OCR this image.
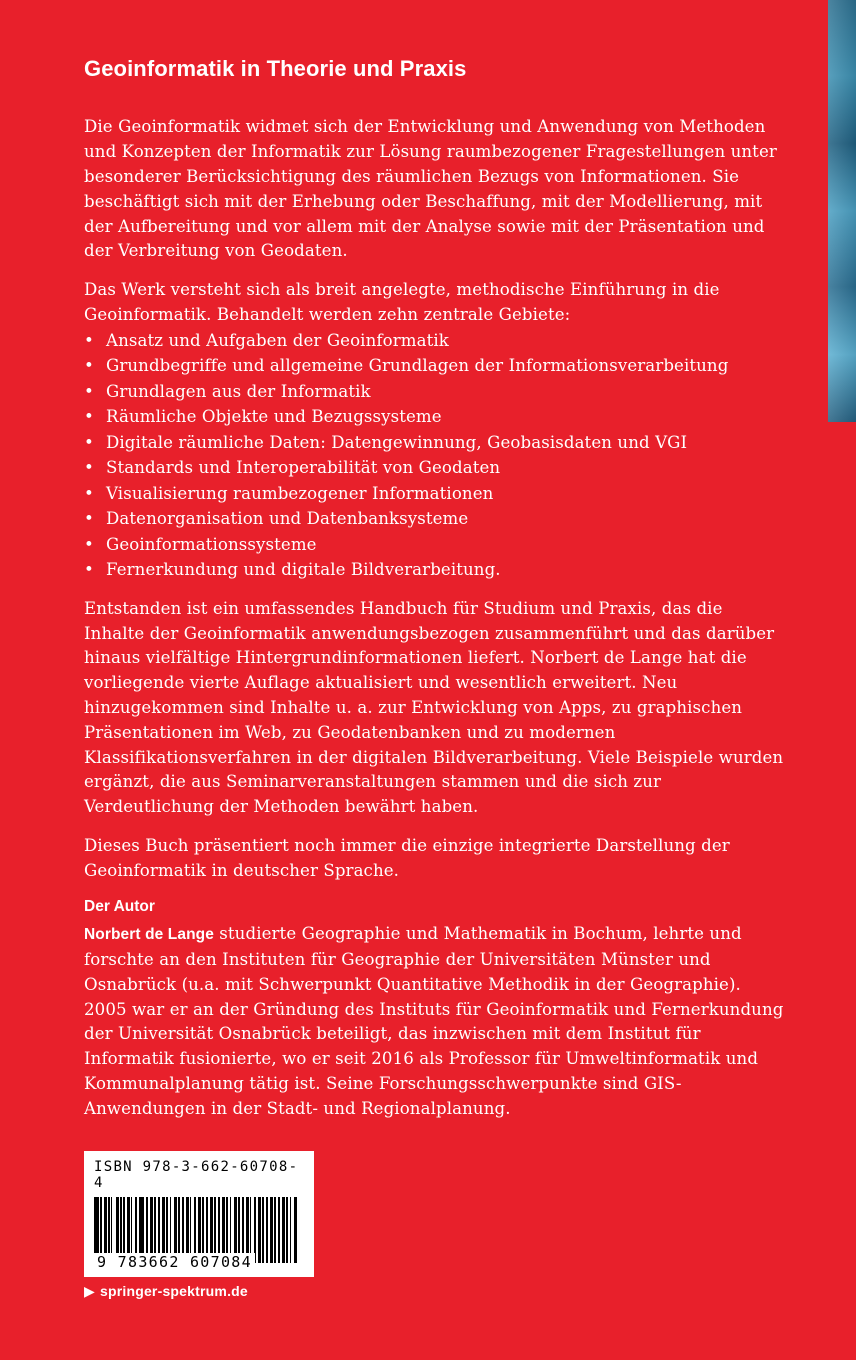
Geoinformatik in Theorie und Praxis

Die Geoinformatik widmet sich der Entwicklung und Anwendung von Methoden und Konzepten der Informatik zur Lösung raumbezogener Fragestellungen unter besonderer Berücksichtigung des räumlichen Bezugs von Informationen. Sie beschäftigt sich mit der Erhebung oder Beschaffung, mit der Modellierung, mit der Aufbereitung und vor allem mit der Analyse sowie mit der Präsentation und der Verbreitung von Geodaten.

Das Werk versteht sich als breit angelegte, methodische Einführung in die Geoinformatik. Behandelt werden zehn zentrale Gebiete:

• Ansatz und Aufgaben der Geoinformatik
• Grundbegriffe und allgemeine Grundlagen der Informationsverarbeitung
• Grundlagen aus der Informatik
• Räumliche Objekte und Bezugssysteme
• Digitale räumliche Daten: Datengewinnung, Geobasisdaten und VGI
• Standards und Interoperabilität von Geodaten
• Visualisierung raumbezogener Informationen
• Datenorganisation und Datenbanksysteme
• Geoinformationssysteme
• Fernerkundung und digitale Bildverarbeitung.

Entstanden ist ein umfassendes Handbuch für Studium und Praxis, das die Inhalte der Geoinformatik anwendungsbezogen zusammenführt und das darüber hinaus vielfältige Hintergrundinformationen liefert. Norbert de Lange hat die vorliegende vierte Auflage aktualisiert und wesentlich erweitert. Neu hinzugekommen sind Inhalte u. a. zur Entwicklung von Apps, zu graphischen Präsentationen im Web, zu Geodatenbanken und zu modernen Klassifikationsverfahren in der digitalen Bildverarbeitung. Viele Beispiele wurden ergänzt, die aus Seminarveranstaltungen stammen und die sich zur Verdeutlichung der Methoden bewährt haben.

Dieses Buch präsentiert noch immer die einzige integrierte Darstellung der Geoinformatik in deutscher Sprache.

Der Autor

Norbert de Lange studierte Geographie und Mathematik in Bochum, lehrte und forschte an den Instituten für Geographie der Universitäten Münster und Osnabrück (u.a. mit Schwerpunkt Quantitative Methodik in der Geographie). 2005 war er an der Gründung des Instituts für Geoinformatik und Fernerkundung der Universität Osnabrück beteiligt, das inzwischen mit dem Institut für Informatik fusionierte, wo er seit 2016 als Professor für Umweltinformatik und Kommunalplanung tätig ist. Seine Forschungsschwerpunkte sind GIS-Anwendungen in der Stadt- und Regionalplanung.

ISBN 978-3-662-60708-4
9 783662 607084
▶ springer-spektrum.de
